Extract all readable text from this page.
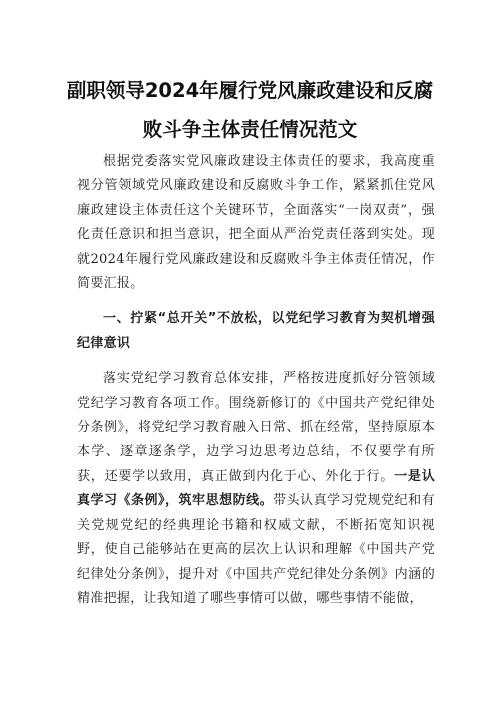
副职领导2024年履行党风廉政建设和反腐
败斗争主体责任情况范文

根据党委落实党风廉政建设主体责任的要求，我高度重视分管领域党风廉政建设和反腐败斗争工作，紧紧抓住党风廉政建设主体责任这个关键环节，全面落实“一岗双责”，强化责任意识和担当意识，把全面从严治党责任落到实处。现就2024年履行党风廉政建设和反腐败斗争主体责任情况，作简要汇报。

一、拧紧“总开关”不放松，以党纪学习教育为契机增强纪律意识

落实党纪学习教育总体安排，严格按进度抓好分管领域党纪学习教育各项工作。围绕新修订的《中国共产党纪律处分条例》，将党纪学习教育融入日常、抓在经常，坚持原原本本学、逐章逐条学，边学习边思考边总结，不仅要学有所获，还要学以致用，真正做到内化于心、外化于行。一是认真学习《条例》，筑牢思想防线。带头认真学习党规党纪和有关党规党纪的经典理论书籍和权威文献，不断拓宽知识视野，使自己能够站在更高的层次上认识和理解《中国共产党纪律处分条例》，提升对《中国共产党纪律处分条例》内涵的精准把握，让我知道了哪些事情可以做，哪些事情不能做，
